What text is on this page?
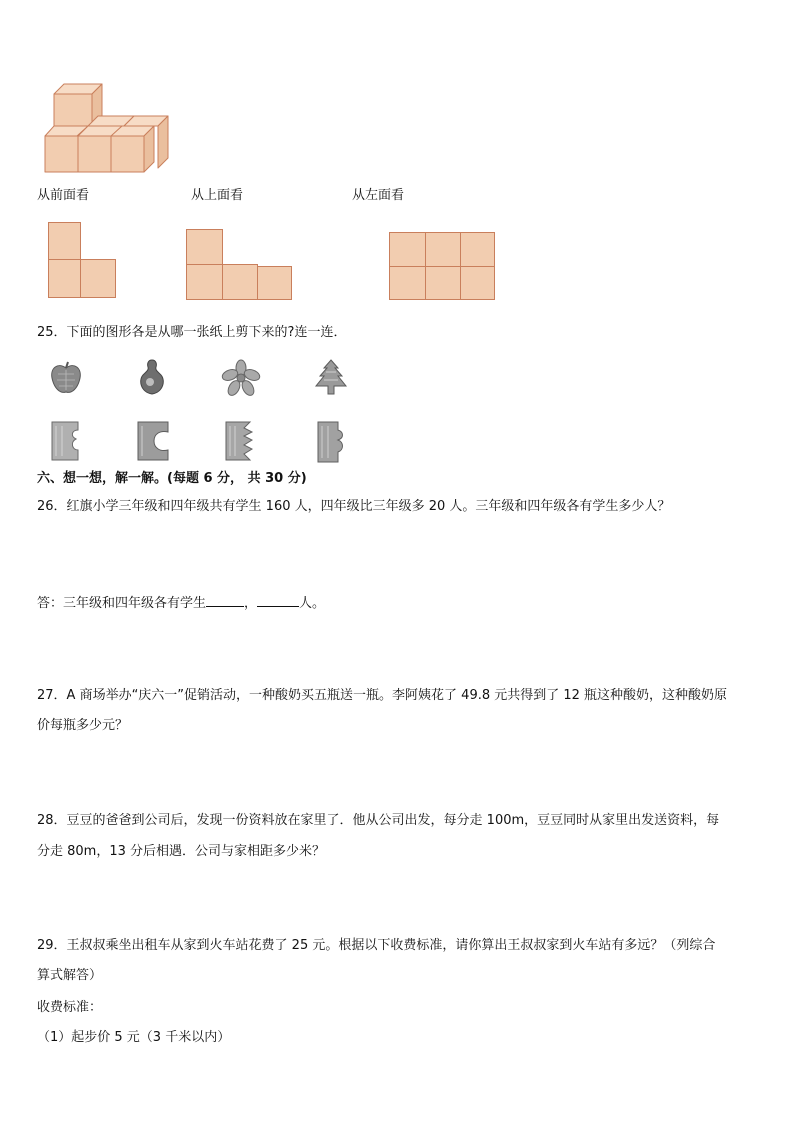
从前面看	从上面看	从左面看
25．下面的图形各是从哪一张纸上剪下来的?连一连．
六、想一想，解一解。(每题 6 分， 共 30 分)
26．红旗小学三年级和四年级共有学生 160 人，四年级比三年级多 20 人。三年级和四年级各有学生多少人？
答：三年级和四年级各有学生	，	人。
27．A 商场举办“庆六一”促销活动，一种酸奶买五瓶送一瓶。李阿姨花了 49.8 元共得到了 12 瓶这种酸奶，这种酸奶原
价每瓶多少元？
28．豆豆的爸爸到公司后，发现一份资料放在家里了．他从公司出发，每分走 100m，豆豆同时从家里出发送资料，每
分走 80m，13 分后相遇．公司与家相距多少米？
29．王叔叔乘坐出租车从家到火车站花费了 25 元。根据以下收费标准，请你算出王叔叔家到火车站有多远？（列综合
算式解答）
收费标准：
（1）起步价 5 元（3 千米以内）
